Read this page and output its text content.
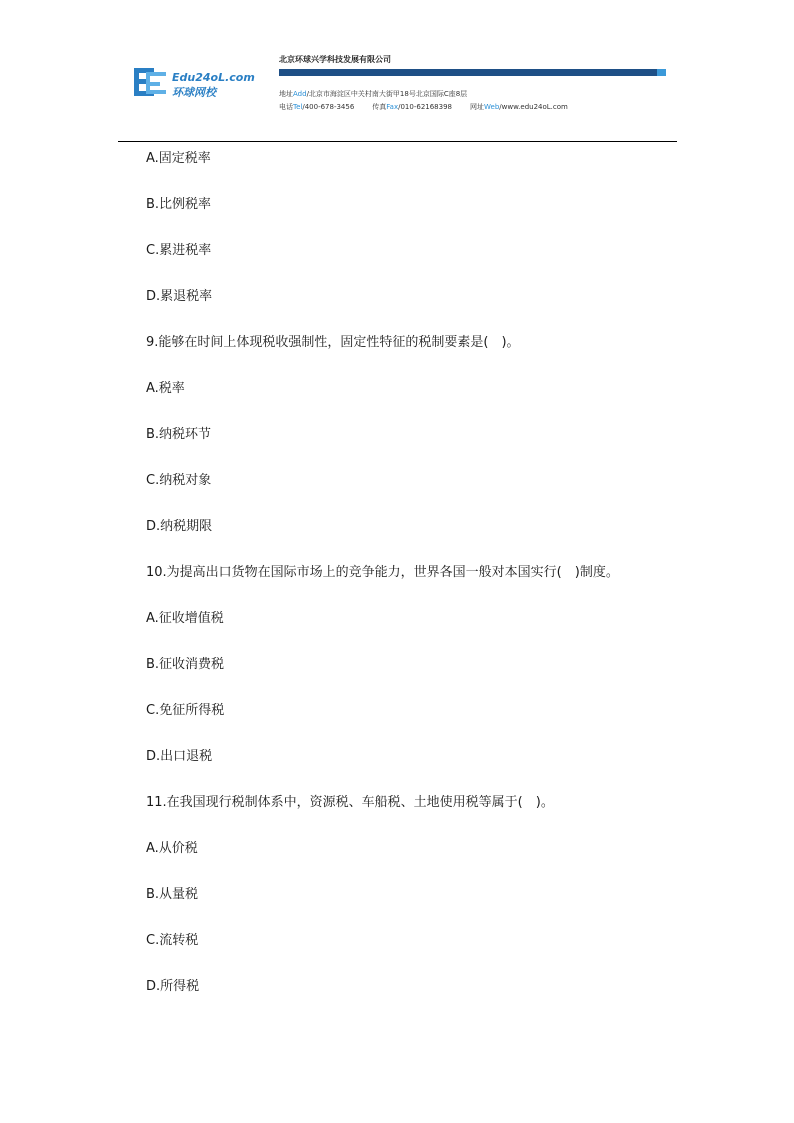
Edu24oL.com
环球网校
北京环球兴学科技发展有限公司
地址Add/北京市海淀区中关村南大街甲18号北京国际C座8层
电话Tel/400-678-3456	传真Fax/010-62168398	网址Web/www.edu24oL.com
A.固定税率
B.比例税率
C.累进税率
D.累退税率
9.能够在时间上体现税收强制性，固定性特征的税制要素是(　)。
A.税率
B.纳税环节
C.纳税对象
D.纳税期限
10.为提高出口货物在国际市场上的竞争能力，世界各国一般对本国实行(　)制度。
A.征收增值税
B.征收消费税
C.免征所得税
D.出口退税
11.在我国现行税制体系中，资源税、车船税、土地使用税等属于(　)。
A.从价税
B.从量税
C.流转税
D.所得税
